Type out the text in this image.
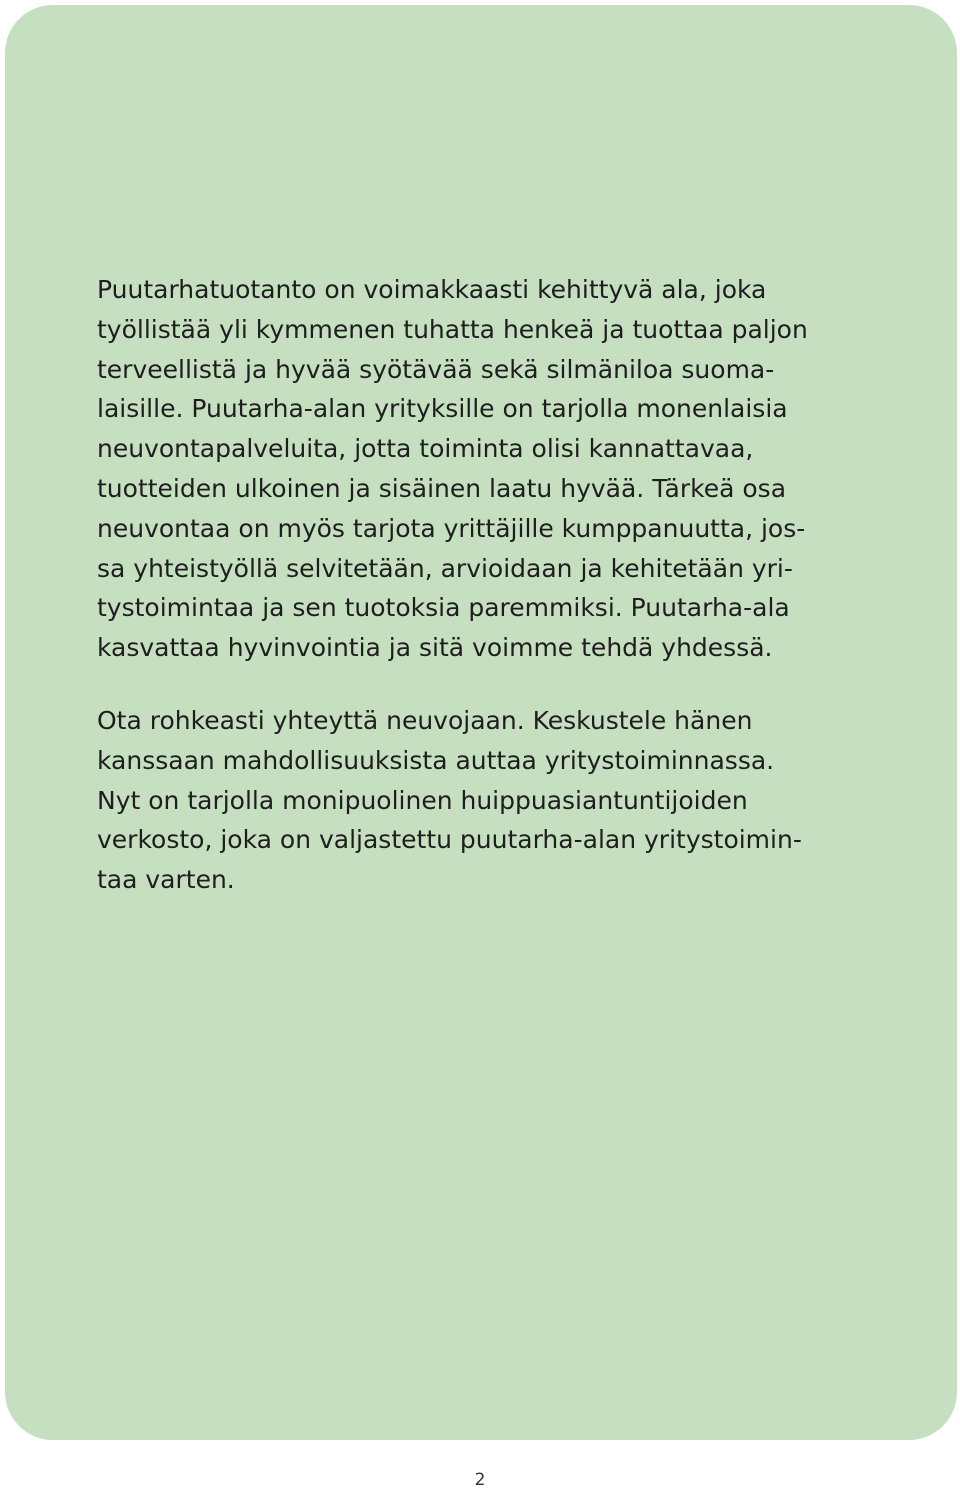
Puutarhatuotanto on voimakkaasti kehittyvä ala, joka
työllistää yli kymmenen tuhatta henkeä ja tuottaa paljon
terveellistä ja hyvää syötävää sekä silmäniloa suoma-
laisille. Puutarha-alan yrityksille on tarjolla monenlaisia
neuvontapalveluita, jotta toiminta olisi kannattavaa,
tuotteiden ulkoinen ja sisäinen laatu hyvää. Tärkeä osa
neuvontaa on myös tarjota yrittäjille kumppanuutta, jos-
sa yhteistyöllä selvitetään, arvioidaan ja kehitetään yri-
tystoimintaa ja sen tuotoksia paremmiksi. Puutarha-ala
kasvattaa hyvinvointia ja sitä voimme tehdä yhdessä.
Ota rohkeasti yhteyttä neuvojaan. Keskustele hänen
kanssaan mahdollisuuksista auttaa yritystoiminnassa.
Nyt on tarjolla monipuolinen huippuasiantuntijoiden
verkosto, joka on valjastettu puutarha-alan yritystoimin-
taa varten.
2
